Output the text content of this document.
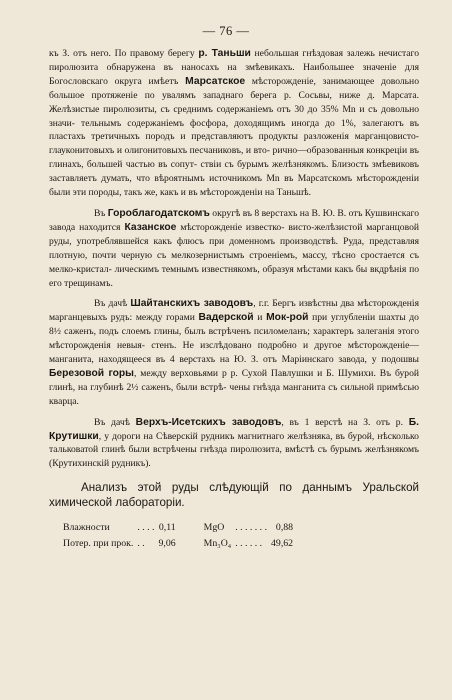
— 76 —

къ З. отъ него. По правому берегу р. Таньши небольшая гнѣздовая залежь нечистаго пиролюзита обнаружена въ наносахъ на змѣевикахъ. Наибольшее значеніе для Богословскаго округа имѣетъ Марсатское мѣсторожденіе, занимающее довольно большое протяженіе по увалямъ западнаго берега р. Сосьвы, ниже д. Марсата. Желѣзистые пиролюзиты, съ среднимъ содержаніемъ отъ 30 до 35% Mn и съ довольно значи- тельнымъ содержаніемъ фосфора, доходящимъ иногда до 1%, залегаютъ въ пластахъ третичныхъ породъ и представляютъ продукты разложенія марганцовисто-глауконитовыхъ и олигонитовыхъ песчаниковъ, и вто- рично—образованныя конкреціи въ глинахъ, большей частью въ сопут- ствіи съ бурымъ желѣзнякомъ. Близость змѣевиковъ заставляетъ думать, что вѣроятнымъ источникомъ Mn въ Марсатскомъ мѣсторожденіи были эти породы, такъ же, какъ и въ мѣсторожденіи на Таньшѣ.

Въ Гороблагодатскомъ округѣ въ 8 верстахъ на В. Ю. В. отъ Кушвинскаго завода находится Казанское мѣсторожденіе известко- висто-желѣзистой марганцовой руды, употреблявшейся какъ флюсъ при доменномъ производствѣ. Руда, представляя плотную, почти черную съ мелкозернистымъ строеніемъ, массу, тѣсно сростается съ мелко-кристал- лическимъ темнымъ известнякомъ, образуя мѣстами какъ бы вкдрѣнія по его трещинамъ.

Въ дачѣ Шайтанскихъ заводовъ, г.г. Бергъ извѣстны два мѣсторожденія марганцевыхъ рудъ: между горами Вадерской и Мок-рой при углубленіи шахты до 8½ саженъ, подъ слоемъ глины, былъ встрѣченъ псиломеланъ; характеръ залеганія этого мѣсторожденія невыя- стенъ. Не изслѣдовано подробно и другое мѣсторожденіе—манганита, находящееся въ 4 верстахъ на Ю. З. отъ Маріинскаго завода, у подошвы Березовой горы, между верховьями р р. Сухой Павлушки и Б. Шумихи. Въ бурой глинѣ, на глубинѣ 2½ саженъ, были встрѣ- чены гнѣзда манганита съ сильной примѣсью кварца.

Въ дачѣ Верхъ-Исетскихъ заводовъ, въ 1 верстѣ на З. отъ р. Б. Крутишки, у дороги на Сѣверскій рудникъ магнитнаго желѣзняка, въ бурой, нѣсколько тальковатой глинѣ были встрѣчены гнѣзда пиролюзита, вмѣстѣ съ бурымъ желѣзнякомъ (Крутихинскій рудникъ).

Анализъ этой руды слѣдующій по даннымъ Уральской химической лабораторіи.

Влажности	. . . .	0,11	MgO	. . . . . . .	0,88
Потер. при прок.	. .	9,06	Mn₃O₄	. . . . . .	49,62
